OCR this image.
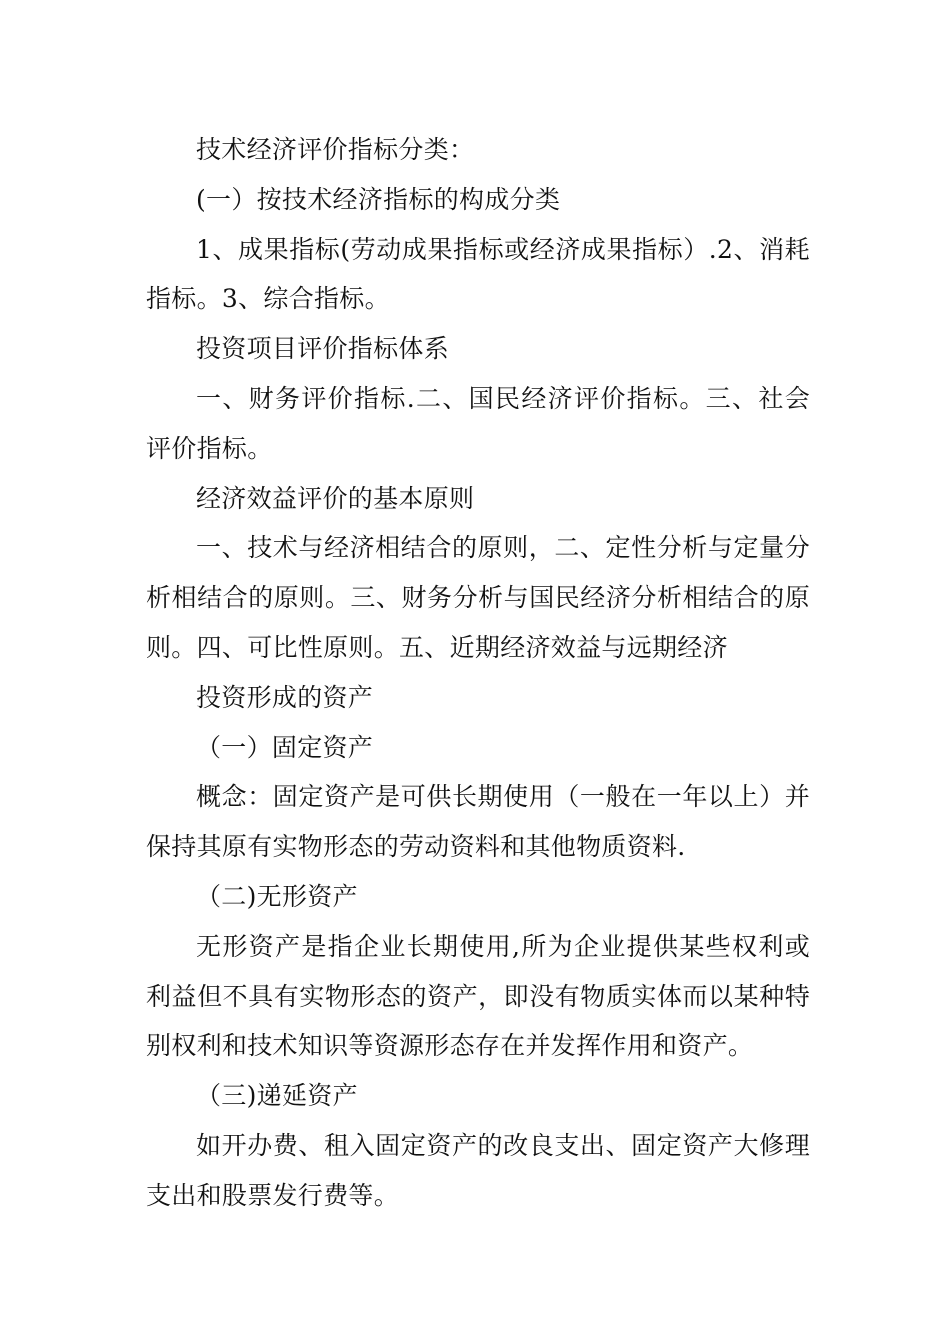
技术经济评价指标分类：

(一）按技术经济指标的构成分类

1、成果指标(劳动成果指标或经济成果指标）.2、消耗指标。3、综合指标。

投资项目评价指标体系

一、财务评价指标.二、国民经济评价指标。三、社会评价指标。

经济效益评价的基本原则

一、技术与经济相结合的原则，二、定性分析与定量分析相结合的原则。三、财务分析与国民经济分析相结合的原则。四、可比性原则。五、近期经济效益与远期经济

投资形成的资产

（一）固定资产

概念：固定资产是可供长期使用（一般在一年以上）并保持其原有实物形态的劳动资料和其他物质资料.

（二)无形资产

无形资产是指企业长期使用,所为企业提供某些权利或利益但不具有实物形态的资产，即没有物质实体而以某种特别权利和技术知识等资源形态存在并发挥作用和资产。

（三)递延资产

如开办费、租入固定资产的改良支出、固定资产大修理支出和股票发行费等。
